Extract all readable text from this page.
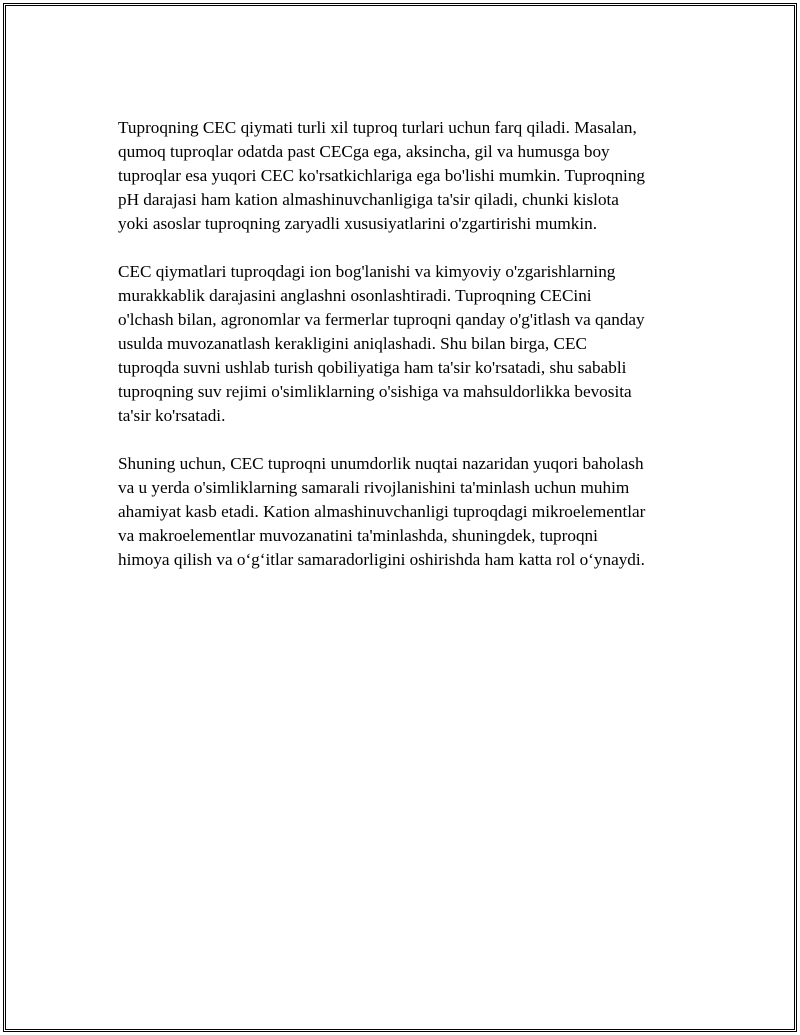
Tuproqning CEC qiymati turli xil tuproq turlari uchun farq qiladi. Masalan,
qumoq tuproqlar odatda past CECga ega, aksincha, gil va humusga boy
tuproqlar esa yuqori CEC ko'rsatkichlariga ega bo'lishi mumkin. Tuproqning
pH darajasi ham kation almashinuvchanligiga ta'sir qiladi, chunki kislota
yoki asoslar tuproqning zaryadli xususiyatlarini o'zgartirishi mumkin.

CEC qiymatlari tuproqdagi ion bog'lanishi va kimyoviy o'zgarishlarning
murakkablik darajasini anglashni osonlashtiradi. Tuproqning CECini
o'lchash bilan, agronomlar va fermerlar tuproqni qanday o'g'itlash va qanday
usulda muvozanatlash kerakligini aniqlashadi. Shu bilan birga, CEC
tuproqda suvni ushlab turish qobiliyatiga ham ta'sir ko'rsatadi, shu sababli
tuproqning suv rejimi o'simliklarning o'sishiga va mahsuldorlikka bevosita
ta'sir ko'rsatadi.

Shuning uchun, CEC tuproqni unumdorlik nuqtai nazaridan yuqori baholash
va u yerda o'simliklarning samarali rivojlanishini ta'minlash uchun muhim
ahamiyat kasb etadi. Kation almashinuvchanligi tuproqdagi mikroelementlar
va makroelementlar muvozanatini ta'minlashda, shuningdek, tuproqni
himoya qilish va o‘g‘itlar samaradorligini oshirishda ham katta rol o‘ynaydi.
